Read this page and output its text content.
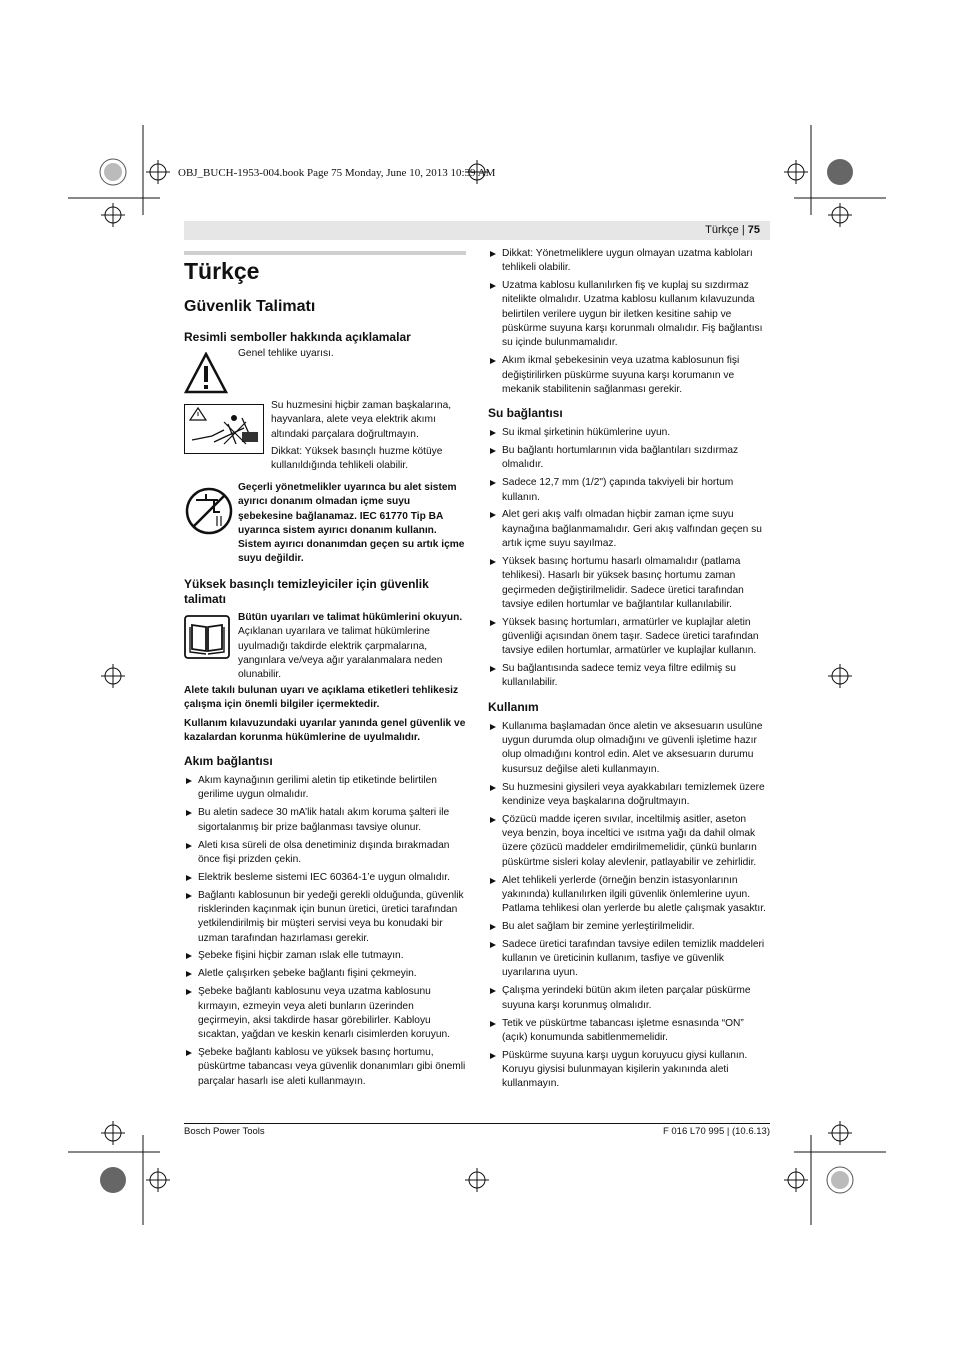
OBJ_BUCH-1953-004.book Page 75 Monday, June 10, 2013 10:39 AM
Türkçe | 75
Türkçe
Güvenlik Talimatı
Resimli semboller hakkında açıklamalar
Genel tehlike uyarısı.
Su huzmesini hiçbir zaman başkalarına, hayvanlara, alete veya elektrik akımı altındaki parçalara doğrultmayın.
Dikkat: Yüksek basınçlı huzme kötüye kullanıldığında tehlikeli olabilir.
Geçerli yönetmelikler uyarınca bu alet sistem ayırıcı donanım olmadan içme suyu şebekesine bağlanamaz. IEC 61770 Tip BA uyarınca sistem ayırıcı donanım kullanın. Sistem ayırıcı donanımdan geçen su artık içme suyu değildir.
Yüksek basınçlı temizleyiciler için güvenlik talimatı
Bütün uyarıları ve talimat hükümlerini okuyun. Açıklanan uyarılara ve talimat hükümlerine uyulmadığı takdirde elektrik çarpmalarına, yangınlara ve/veya ağır yaralanmalara neden olunabilir.
Alete takılı bulunan uyarı ve açıklama etiketleri tehlikesiz çalışma için önemli bilgiler içermektedir.
Kullanım kılavuzundaki uyarılar yanında genel güvenlik ve kazalardan korunma hükümlerine de uyulmalıdır.
Akım bağlantısı
Akım kaynağının gerilimi aletin tip etiketinde belirtilen gerilime uygun olmalıdır.
Bu aletin sadece 30 mA’lik hatalı akım koruma şalteri ile sigortalanmış bir prize bağlanması tavsiye olunur.
Aleti kısa süreli de olsa denetiminiz dışında bırakmadan önce fişi prizden çekin.
Elektrik besleme sistemi IEC 60364-1’e uygun olmalıdır.
Bağlantı kablosunun bir yedeği gerekli olduğunda, güvenlik risklerinden kaçınmak için bunun üretici, üretici tarafından yetkilendirilmiş bir müşteri servisi veya bu konudaki bir uzman tarafından hazırlaması gerekir.
Şebeke fişini hiçbir zaman ıslak elle tutmayın.
Aletle çalışırken şebeke bağlantı fişini çekmeyin.
Şebeke bağlantı kablosunu veya uzatma kablosunu kırmayın, ezmeyin veya aleti bunların üzerinden geçirmeyin, aksi takdirde hasar görebilirler. Kabloyu sıcaktan, yağdan ve keskin kenarlı cisimlerden koruyun.
Şebeke bağlantı kablosu ve yüksek basınç hortumu, püskürtme tabancası veya güvenlik donanımları gibi önemli parçalar hasarlı ise aleti kullanmayın.
Dikkat: Yönetmeliklere uygun olmayan uzatma kabloları tehlikeli olabilir.
Uzatma kablosu kullanılırken fiş ve kuplaj su sızdırmaz nitelikte olmalıdır. Uzatma kablosu kullanım kılavuzunda belirtilen verilere uygun bir iletken kesitine sahip ve püskürme suyuna karşı korunmalı olmalıdır. Fiş bağlantısı su içinde bulunmamalıdır.
Akım ikmal şebekesinin veya uzatma kablosunun fişi değiştirilirken püskürme suyuna karşı korumanın ve mekanik stabilitenin sağlanması gerekir.
Su bağlantısı
Su ikmal şirketinin hükümlerine uyun.
Bu bağlantı hortumlarının vida bağlantıları sızdırmaz olmalıdır.
Sadece 12,7 mm (1/2") çapında takviyeli bir hortum kullanın.
Alet geri akış valfı olmadan hiçbir zaman içme suyu kaynağına bağlanmamalıdır. Geri akış valfından geçen su artık içme suyu sayılmaz.
Yüksek basınç hortumu hasarlı olmamalıdır (patlama tehlikesi). Hasarlı bir yüksek basınç hortumu zaman geçirmeden değiştirilmelidir. Sadece üretici tarafından tavsiye edilen hortumlar ve bağlantılar kullanılabilir.
Yüksek basınç hortumları, armatürler ve kuplajlar aletin güvenliği açısından önem taşır. Sadece üretici tarafından tavsiye edilen hortumlar, armatürler ve kuplajlar kullanın.
Su bağlantısında sadece temiz veya filtre edilmiş su kullanılabilir.
Kullanım
Kullanıma başlamadan önce aletin ve aksesuarın usulüne uygun durumda olup olmadığını ve güvenli işletime hazır olup olmadığını kontrol edin. Alet ve aksesuarın durumu kusursuz değilse aleti kullanmayın.
Su huzmesini giysileri veya ayakkabıları temizlemek üzere kendinize veya başkalarına doğrultmayın.
Çözücü madde içeren sıvılar, inceltilmiş asitler, aseton veya benzin, boya inceltici ve ısıtma yağı da dahil olmak üzere çözücü maddeler emdirilmemelidir, çünkü bunların püskürtme sisleri kolay alevlenir, patlayabilir ve zehirlidir.
Alet tehlikeli yerlerde (örneğin benzin istasyonlarının yakınında) kullanılırken ilgili güvenlik önlemlerine uyun. Patlama tehlikesi olan yerlerde bu aletle çalışmak yasaktır.
Bu alet sağlam bir zemine yerleştirilmelidir.
Sadece üretici tarafından tavsiye edilen temizlik maddeleri kullanın ve üreticinin kullanım, tasfiye ve güvenlik uyarılarına uyun.
Çalışma yerindeki bütün akım ileten parçalar püskürme suyuna karşı korunmuş olmalıdır.
Tetik ve püskürtme tabancası işletme esnasında “ON” (açık) konumunda sabitlenmemelidir.
Püskürme suyuna karşı uygun koruyucu giysi kullanın. Koruyu giysisi bulunmayan kişilerin yakınında aleti kullanmayın.
Bosch Power Tools	F 016 L70 995 | (10.6.13)
